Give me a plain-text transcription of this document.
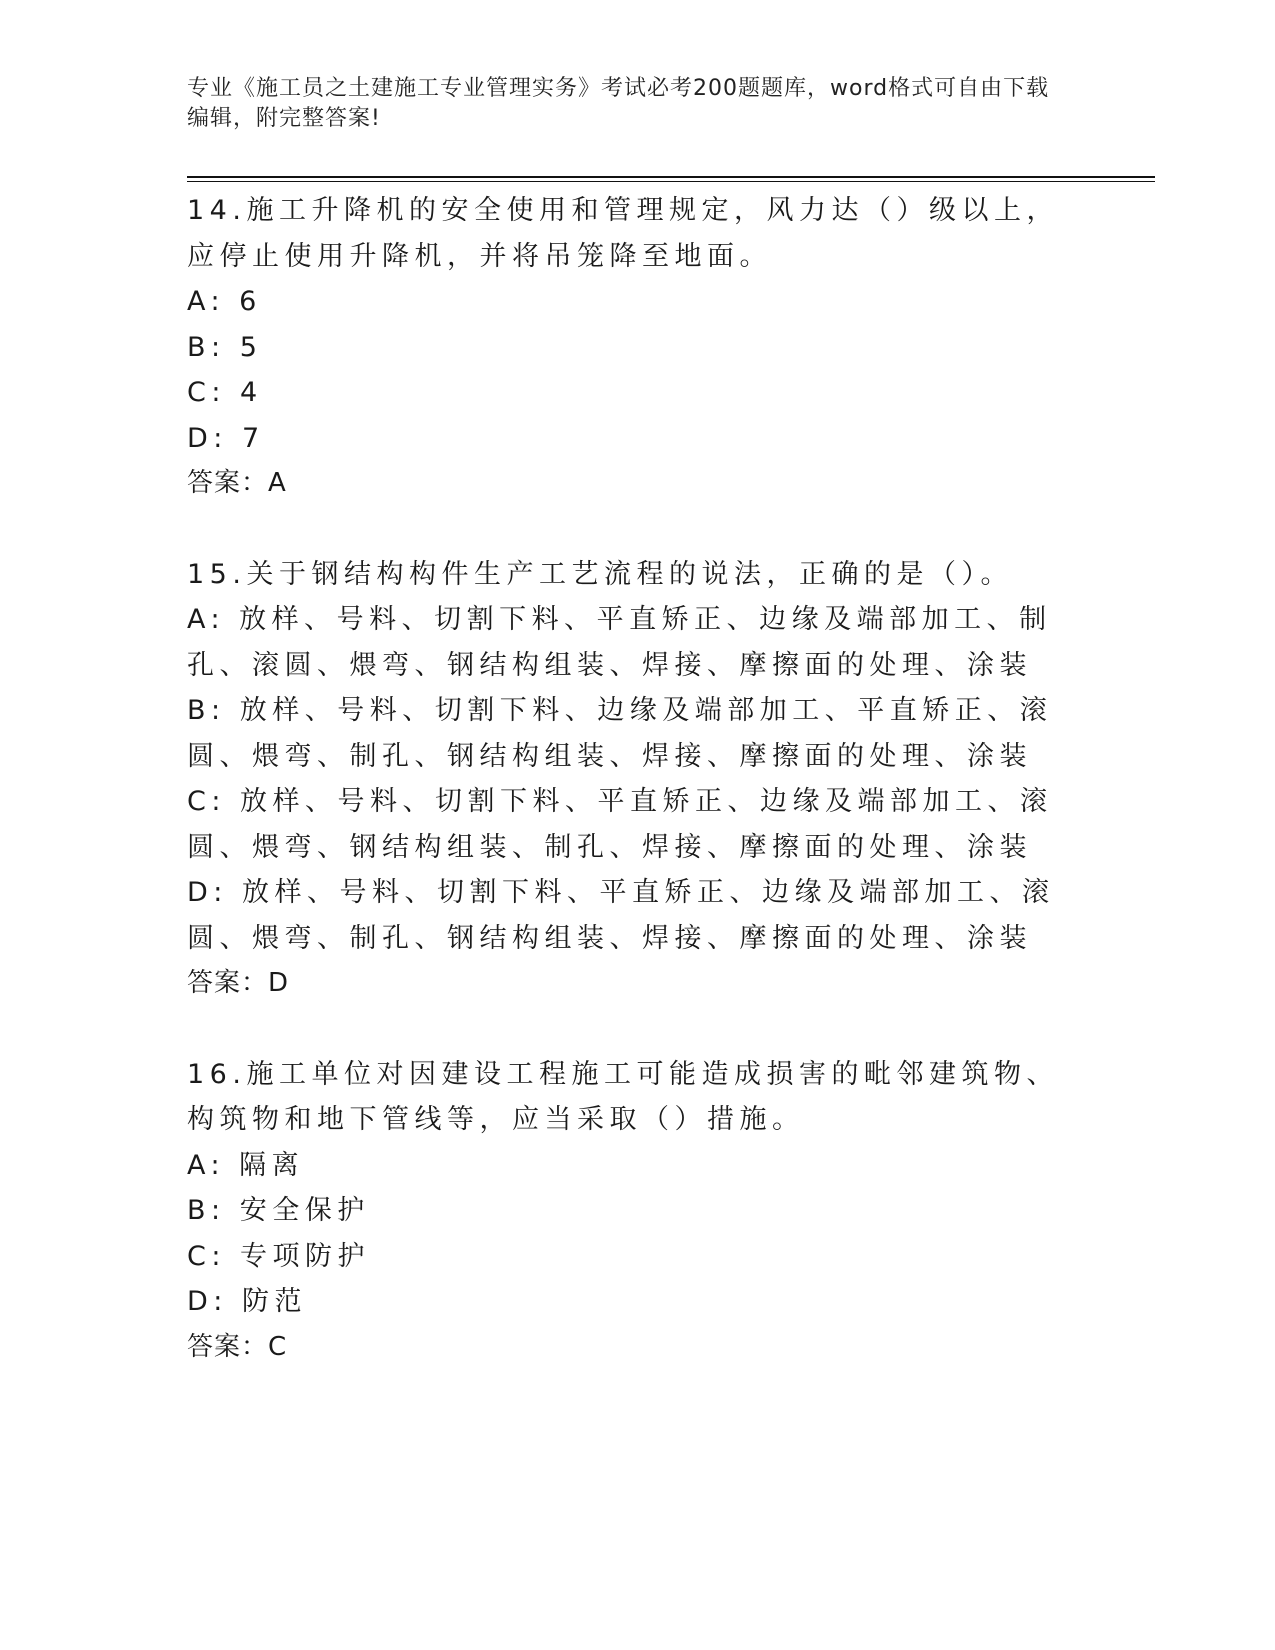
专业《施工员之土建施工专业管理实务》考试必考200题题库，word格式可自由下载编辑，附完整答案!

14.施工升降机的安全使用和管理规定，风力达（）级以上，应停止使用升降机，并将吊笼降至地面。

A: 6

B: 5

C: 4

D: 7

答案：A

15.关于钢结构构件生产工艺流程的说法，正确的是（）。

A: 放样、号料、切割下料、平直矫正、边缘及端部加工、制孔、滚圆、煨弯、钢结构组装、焊接、摩擦面的处理、涂装

B: 放样、号料、切割下料、边缘及端部加工、平直矫正、滚圆、煨弯、制孔、钢结构组装、焊接、摩擦面的处理、涂装

C: 放样、号料、切割下料、平直矫正、边缘及端部加工、滚圆、煨弯、钢结构组装、制孔、焊接、摩擦面的处理、涂装

D: 放样、号料、切割下料、平直矫正、边缘及端部加工、滚圆、煨弯、制孔、钢结构组装、焊接、摩擦面的处理、涂装

答案：D

16.施工单位对因建设工程施工可能造成损害的毗邻建筑物、构筑物和地下管线等，应当采取（）措施。

A: 隔离

B: 安全保护

C: 专项防护

D: 防范

答案：C
